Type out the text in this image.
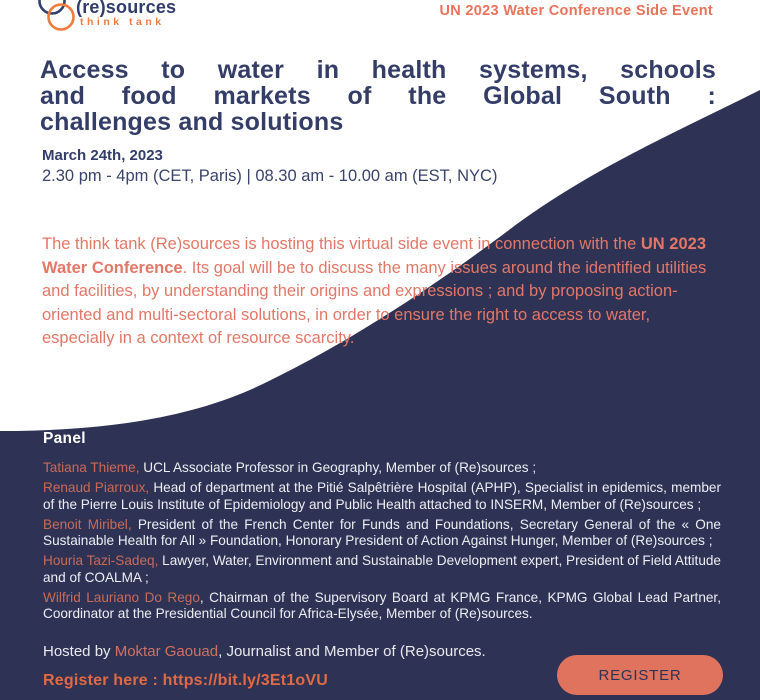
(re)sources
think tank
UN 2023 Water Conference Side Event
Access to water in health systems, schools
and food markets of the Global South :
challenges and solutions
March 24th, 2023
2.30 pm - 4pm (CET, Paris) | 08.30 am - 10.00 am (EST, NYC)
The think tank (Re)sources is hosting this virtual side event in connection with the UN 2023 Water Conference. Its goal will be to discuss the many issues around the identified utilities and facilities, by understanding their origins and expressions ; and by proposing action-oriented and multi-sectoral solutions, in order to ensure the right to access to water, especially in a context of resource scarcity.

Panel

Tatiana Thieme, UCL Associate Professor in Geography, Member of (Re)sources ;

Renaud Piarroux, Head of department at the Pitié Salpêtrière Hospital (APHP), Specialist in epidemics, member of the Pierre Louis Institute of Epidemiology and Public Health attached to INSERM, Member of (Re)sources ;

Benoit Miribel, President of the French Center for Funds and Foundations, Secretary General of the « One Sustainable Health for All » Foundation, Honorary President of Action Against Hunger, Member of (Re)sources ;

Houria Tazi-Sadeq, Lawyer, Water, Environment and Sustainable Development expert, President of Field Attitude and of COALMA ;

Wilfrid Lauriano Do Rego, Chairman of the Supervisory Board at KPMG France, KPMG Global Lead Partner, Coordinator at the Presidential Council for Africa-Elysée, Member of (Re)sources.

Hosted by Moktar Gaouad, Journalist and Member of (Re)sources.
Register here : https://bit.ly/3Et1oVU	REGISTER
